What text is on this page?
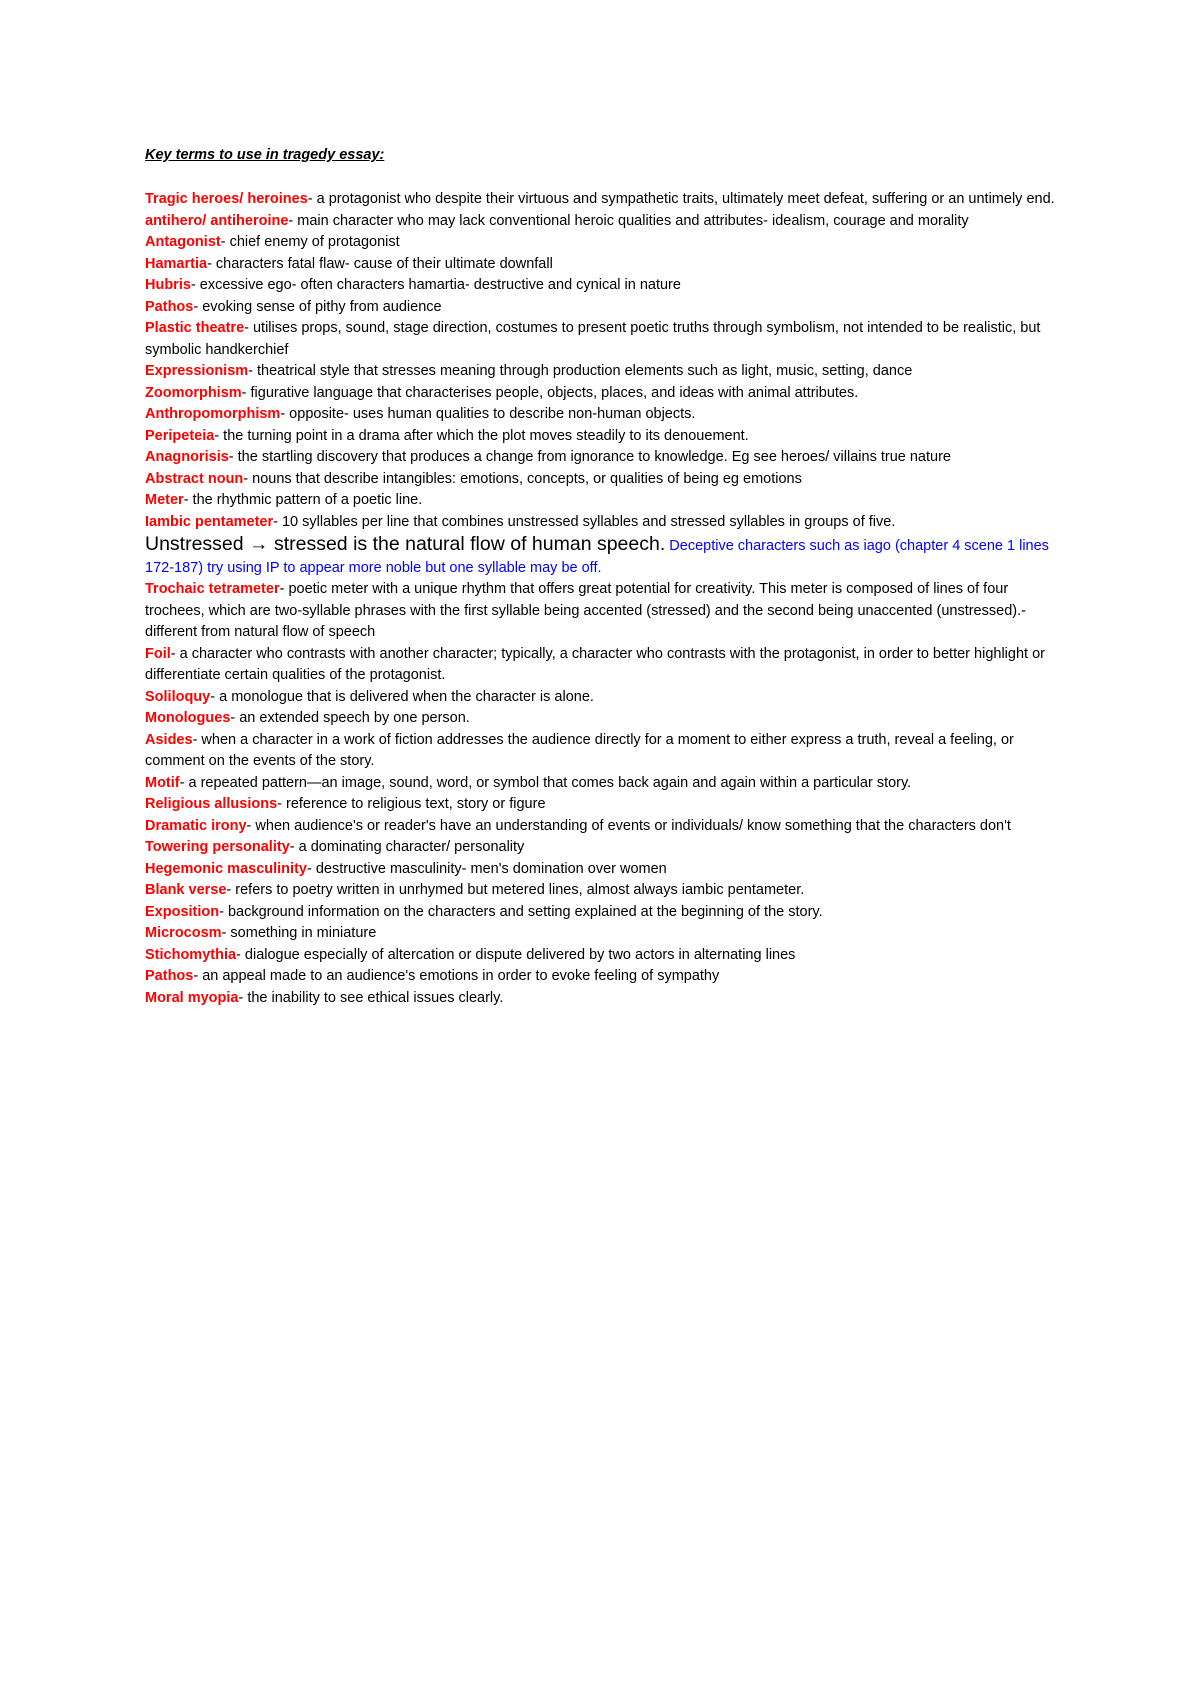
Key terms to use in tragedy essay:

Tragic heroes/ heroines- a protagonist who despite their virtuous and sympathetic traits, ultimately meet defeat, suffering or an untimely end.

antihero/ antiheroine- main character who may lack conventional heroic qualities and attributes- idealism, courage and morality

Antagonist- chief enemy of protagonist

Hamartia- characters fatal flaw- cause of their ultimate downfall

Hubris- excessive ego- often characters hamartia- destructive and cynical in nature

Pathos- evoking sense of pithy from audience

Plastic theatre- utilises props, sound, stage direction, costumes to present poetic truths through symbolism, not intended to be realistic, but symbolic handkerchief

Expressionism- theatrical style that stresses meaning through production elements such as light, music, setting, dance

Zoomorphism- figurative language that characterises people, objects, places, and ideas with animal attributes.

Anthropomorphism- opposite- uses human qualities to describe non-human objects.

Peripeteia- the turning point in a drama after which the plot moves steadily to its denouement.

Anagnorisis- the startling discovery that produces a change from ignorance to knowledge. Eg see heroes/ villains true nature

Abstract noun- nouns that describe intangibles: emotions, concepts, or qualities of being eg emotions

Meter- the rhythmic pattern of a poetic line.

Iambic pentameter- 10 syllables per line that combines unstressed syllables and stressed syllables in groups of five.

Unstressed → stressed is the natural flow of human speech. Deceptive characters such as iago (chapter 4 scene 1 lines 172-187) try using IP to appear more noble but one syllable may be off.

Trochaic tetrameter- poetic meter with a unique rhythm that offers great potential for creativity. This meter is composed of lines of four trochees, which are two-syllable phrases with the first syllable being accented (stressed) and the second being unaccented (unstressed).- different from natural flow of speech

Foil- a character who contrasts with another character; typically, a character who contrasts with the protagonist, in order to better highlight or differentiate certain qualities of the protagonist.

Soliloquy- a monologue that is delivered when the character is alone.

Monologues- an extended speech by one person.

Asides- when a character in a work of fiction addresses the audience directly for a moment to either express a truth, reveal a feeling, or comment on the events of the story.

Motif- a repeated pattern—an image, sound, word, or symbol that comes back again and again within a particular story.

Religious allusions- reference to religious text, story or figure

Dramatic irony- when audience's or reader's have an understanding of events or individuals/ know something that the characters don't

Towering personality- a dominating character/ personality

Hegemonic masculinity- destructive masculinity- men's domination over women

Blank verse- refers to poetry written in unrhymed but metered lines, almost always iambic pentameter.

Exposition- background information on the characters and setting explained at the beginning of the story.

Microcosm- something in miniature

Stichomythia- dialogue especially of altercation or dispute delivered by two actors in alternating lines

Pathos- an appeal made to an audience's emotions in order to evoke feeling of sympathy

Moral myopia- the inability to see ethical issues clearly.
